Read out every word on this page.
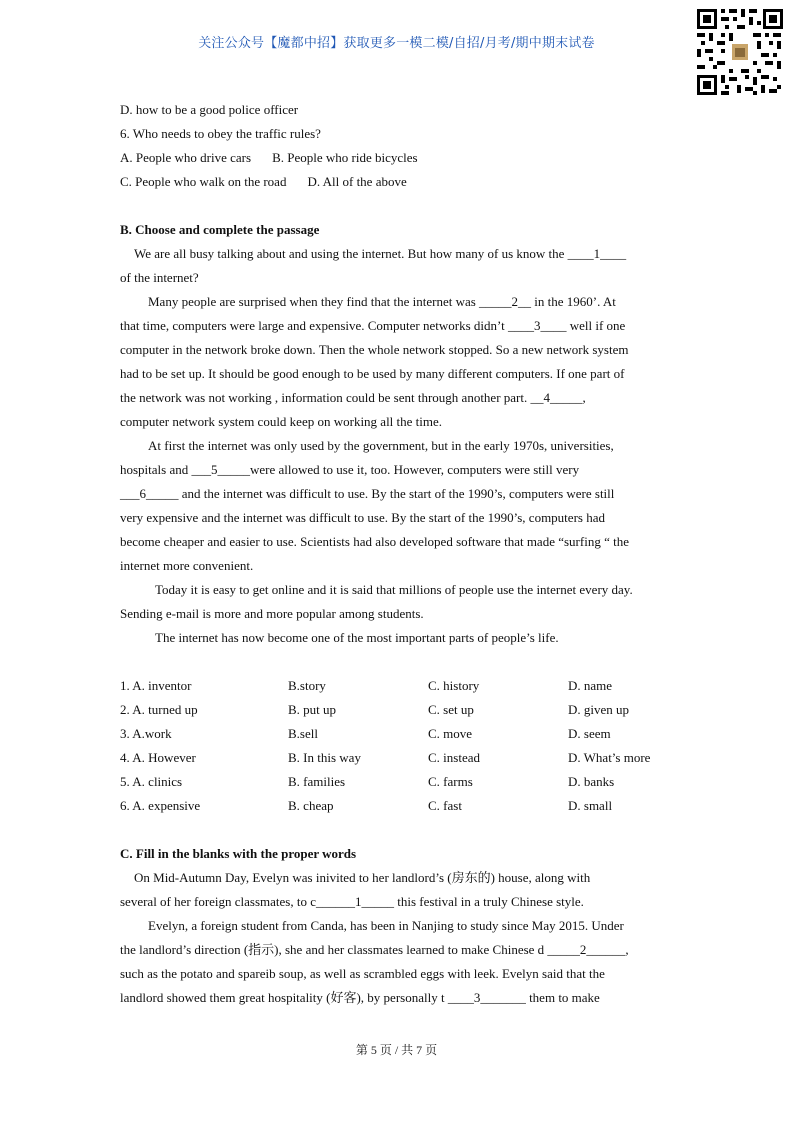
关注公众号【魔都中招】获取更多一模二模/自招/月考/期中期末试卷
D. how to be a good police officer
6. Who needs to obey the traffic rules?
A. People who drive cars B. People who ride bicycles
C. People who walk on the road D. All of the above
B. Choose and complete the passage
We are all busy talking about and using the internet. But how many of us know the ____1____
of the internet?
Many people are surprised when they find that the internet was _____2__ in the 1960’. At
that time, computers were large and expensive. Computer networks didn’t ____3____ well if one
computer in the network broke down. Then the whole network stopped. So a new network system
had to be set up. It should be good enough to be used by many different computers. If one part of
the network was not working , information could be sent through another part. __4_____,
computer network system could keep on working all the time.
At first the internet was only used by the government, but in the early 1970s, universities,
hospitals and ___5_____were allowed to use it, too. However, computers were still very
___6_____ and the internet was difficult to use. By the start of the 1990’s, computers were still
very expensive and the internet was difficult to use. By the start of the 1990’s, computers had
become cheaper and easier to use. Scientists had also developed software that made “surfing “ the
internet more convenient.
Today it is easy to get online and it is said that millions of people use the internet every day.
Sending e-mail is more and more popular among students.
The internet has now become one of the most important parts of people’s life.
1. A. inventor	B.story	C. history	D. name
2. A. turned up	B. put up	C. set up	D. given up
3. A.work	B.sell	C. move	D. seem
4. A. However	B. In this way	C. instead	D. What’s more
5. A. clinics	B. families	C. farms	D. banks
6. A. expensive	B. cheap	C. fast	D. small
C. Fill in the blanks with the proper words
On Mid-Autumn Day, Evelyn was inivited to her landlord’s (房东的) house, along with
several of her foreign classmates, to c______1_____ this festival in a truly Chinese style.
Evelyn, a foreign student from Canda, has been in Nanjing to study since May 2015. Under
the landlord’s direction (指示), she and her classmates learned to make Chinese d _____2______,
such as the potato and spareib soup, as well as scrambled eggs with leek. Evelyn said that the
landlord showed them great hospitality (好客), by personally t ____3_______ them to make
第 5 页 / 共 7 页
